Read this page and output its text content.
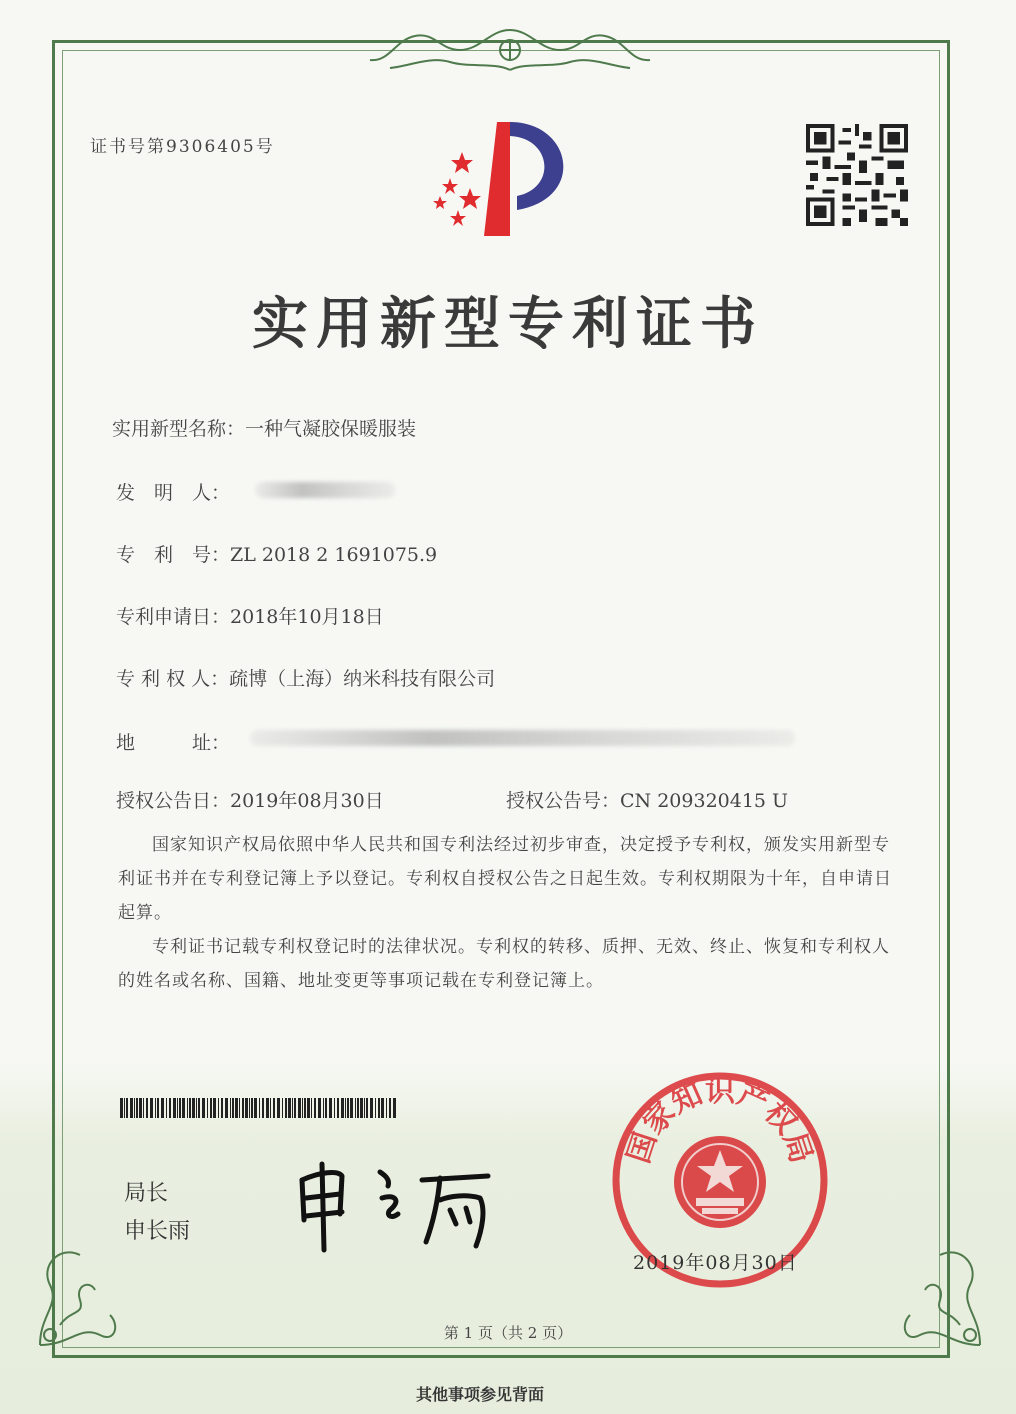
证书号第9306405号
实用新型专利证书
实用新型名称：一种气凝胶保暖服装
发　明　人：
专　利　号：ZL 2018 2 1691075.9
专利申请日：2018年10月18日
专 利 权 人：疏博（上海）纳米科技有限公司
地　　　址：
授权公告日：2019年08月30日	授权公告号：CN 209320415 U

国家知识产权局依照中华人民共和国专利法经过初步审查，决定授予专利权，颁发实用新型专利证书并在专利登记簿上予以登记。专利权自授权公告之日起生效。专利权期限为十年，自申请日起算。

专利证书记载专利权登记时的法律状况。专利权的转移、质押、无效、终止、恢复和专利权人的姓名或名称、国籍、地址变更等事项记载在专利登记簿上。

局长
申长雨
国家知识产权局
2019年08月30日
第 1 页（共 2 页）
其他事项参见背面
